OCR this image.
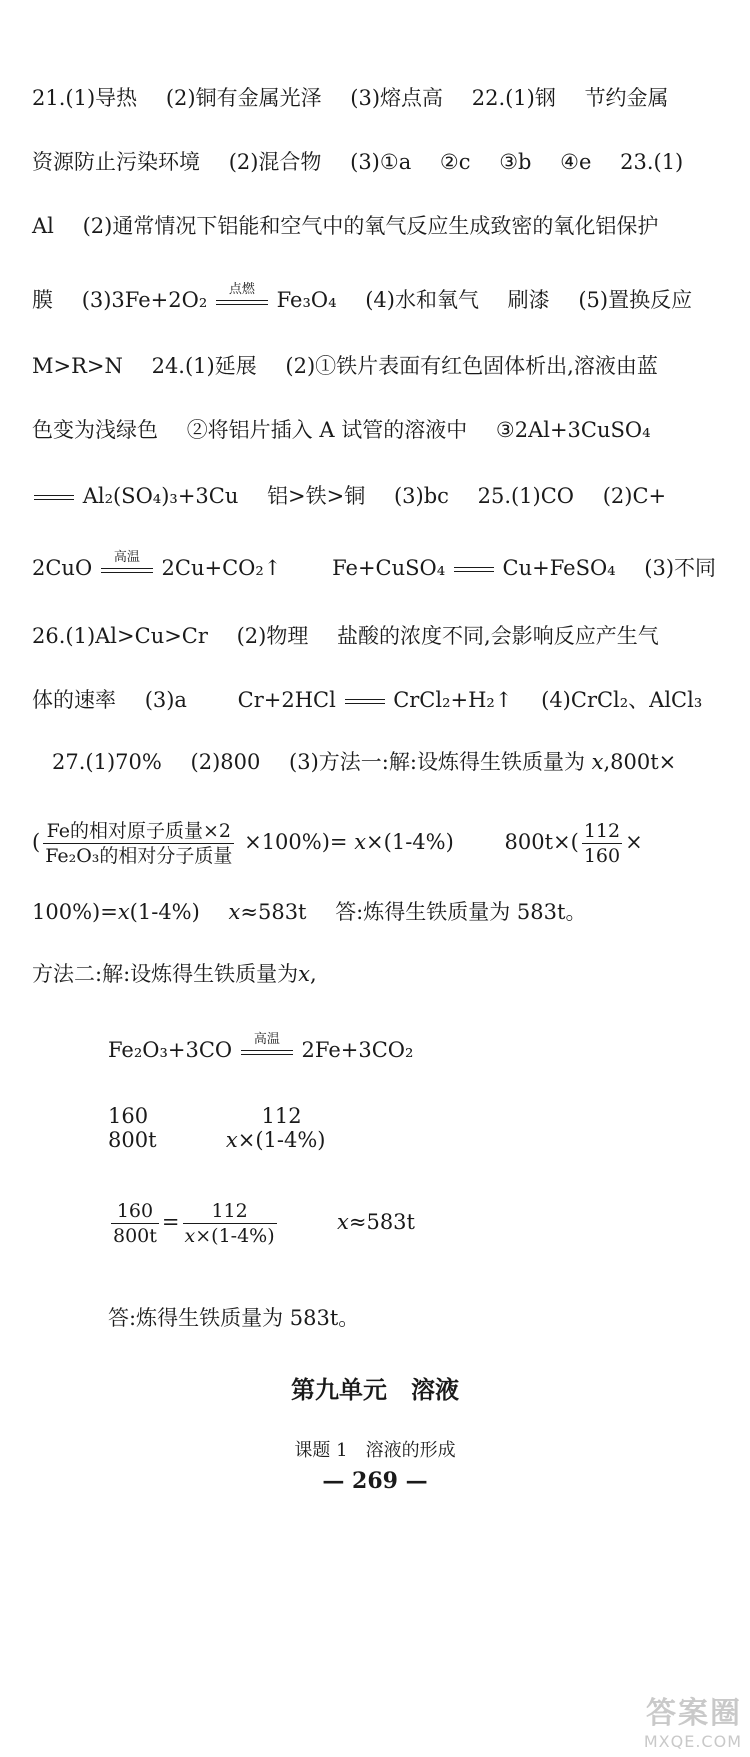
21.(1)导热 (2)铜有金属光泽 (3)熔点高 22.(1)钢 节约金属
资源防止污染环境 (2)混合物 (3)①a ②c ③b ④e 23.(1)
Al (2)通常情况下铝能和空气中的氧气反应生成致密的氧化铝保护
膜 (3)3Fe+2O₂	点燃	Fe₃O₄ (4)水和氧气 刷漆 (5)置换反应
M>R>N 24.(1)延展 (2)①铁片表面有红色固体析出,溶液由蓝
色变为浅绿色 ②将铝片插入 A 试管的溶液中 ③2Al+3CuSO₄
Al₂(SO₄)₃+3Cu 铝>铁>铜 (3)bc 25.(1)CO (2)C+
2CuO	高温	2Cu+CO₂↑ Fe+CuSO₄	Cu+FeSO₄ (3)不同
26.(1)Al>Cu>Cr (2)物理 盐酸的浓度不同,会影响反应产生气
体的速率 (3)a Cr+2HCl	CrCl₂+H₂↑ (4)CrCl₂、AlCl₃
27.(1)70% (2)800 (3)方法一:解:设炼得生铁质量为 x,800t×
( $\frac{\text{Fe的相对原子质量×2}}{\text{Fe₂O₃的相对分子质量}} \times 100\%)= x\times(1-4\%)$ $800t\times( \frac{112}{160}$ ×
100%)=x(1-4%) x≈583t 答:炼得生铁质量为 583t。
方法二:解:设炼得生铁质量为x,
Fe₂O₃+3CO	高温	2Fe+3CO₂
160	112
800t	x×(1-4%)
$\frac{160}{800t} = \frac{112}{x\times(1-4\%)}$	x≈583t
答:炼得生铁质量为 583t。
第九单元　溶液
课题 1　溶液的形成
— 269 —
答案圈
MXQE.COM
